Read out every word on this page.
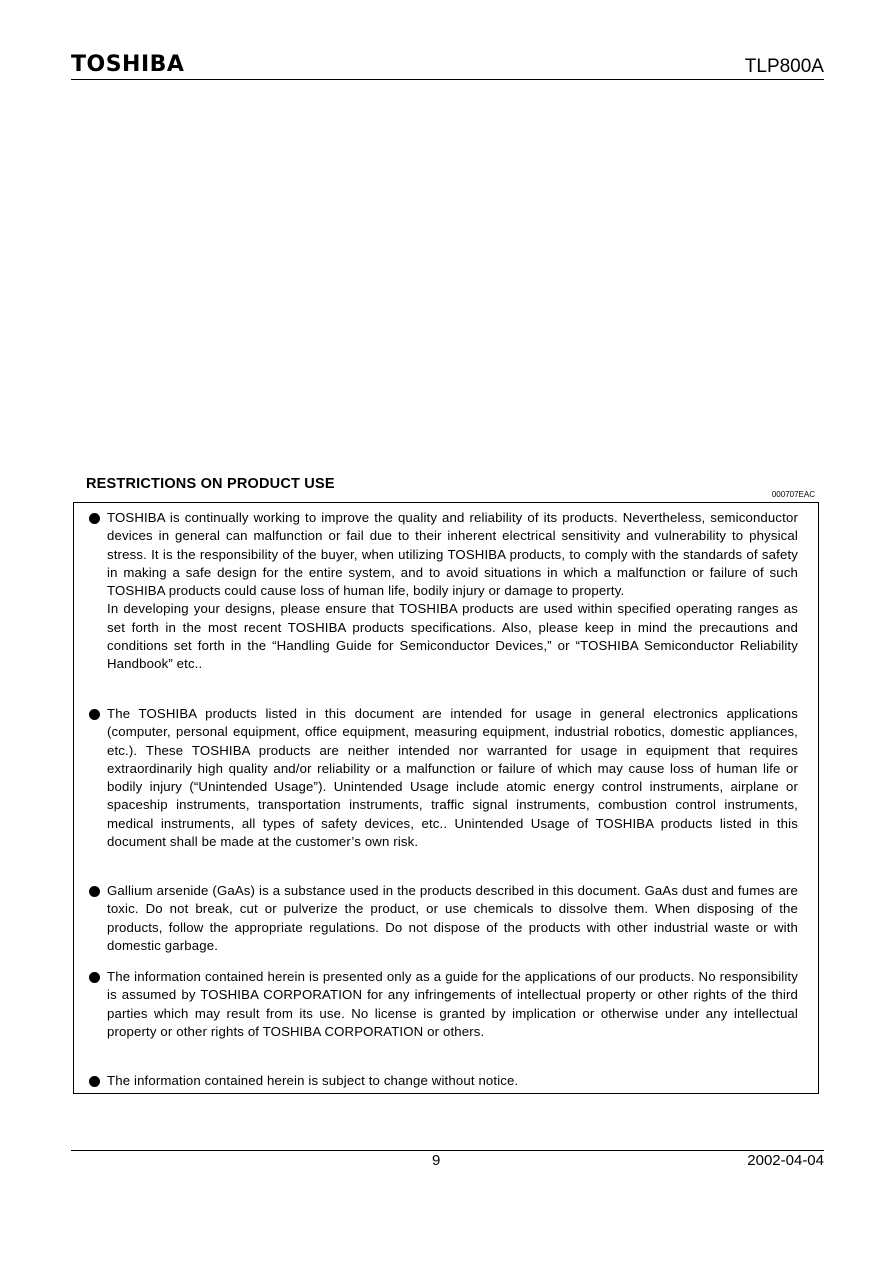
TOSHIBA	TLP800A
RESTRICTIONS ON PRODUCT USE
000707EAC

TOSHIBA is continually working to improve the quality and reliability of its products. Nevertheless, semiconductor devices in general can malfunction or fail due to their inherent electrical sensitivity and vulnerability to physical stress. It is the responsibility of the buyer, when utilizing TOSHIBA products, to comply with the standards of safety in making a safe design for the entire system, and to avoid situations in which a malfunction or failure of such TOSHIBA products could cause loss of human life, bodily injury or damage to property.

In developing your designs, please ensure that TOSHIBA products are used within specified operating ranges as set forth in the most recent TOSHIBA products specifications. Also, please keep in mind the precautions and conditions set forth in the “Handling Guide for Semiconductor Devices,” or “TOSHIBA Semiconductor Reliability Handbook” etc..

The TOSHIBA products listed in this document are intended for usage in general electronics applications (computer, personal equipment, office equipment, measuring equipment, industrial robotics, domestic appliances, etc.). These TOSHIBA products are neither intended nor warranted for usage in equipment that requires extraordinarily high quality and/or reliability or a malfunction or failure of which may cause loss of human life or bodily injury (“Unintended Usage”). Unintended Usage include atomic energy control instruments, airplane or spaceship instruments, transportation instruments, traffic signal instruments, combustion control instruments, medical instruments, all types of safety devices, etc.. Unintended Usage of TOSHIBA products listed in this document shall be made at the customer’s own risk.

Gallium arsenide (GaAs) is a substance used in the products described in this document. GaAs dust and fumes are toxic. Do not break, cut or pulverize the product, or use chemicals to dissolve them. When disposing of the products, follow the appropriate regulations. Do not dispose of the products with other industrial waste or with domestic garbage.

The information contained herein is presented only as a guide for the applications of our products. No responsibility is assumed by TOSHIBA CORPORATION for any infringements of intellectual property or other rights of the third parties which may result from its use. No license is granted by implication or otherwise under any intellectual property or other rights of TOSHIBA CORPORATION or others.

The information contained herein is subject to change without notice.

9	2002-04-04
